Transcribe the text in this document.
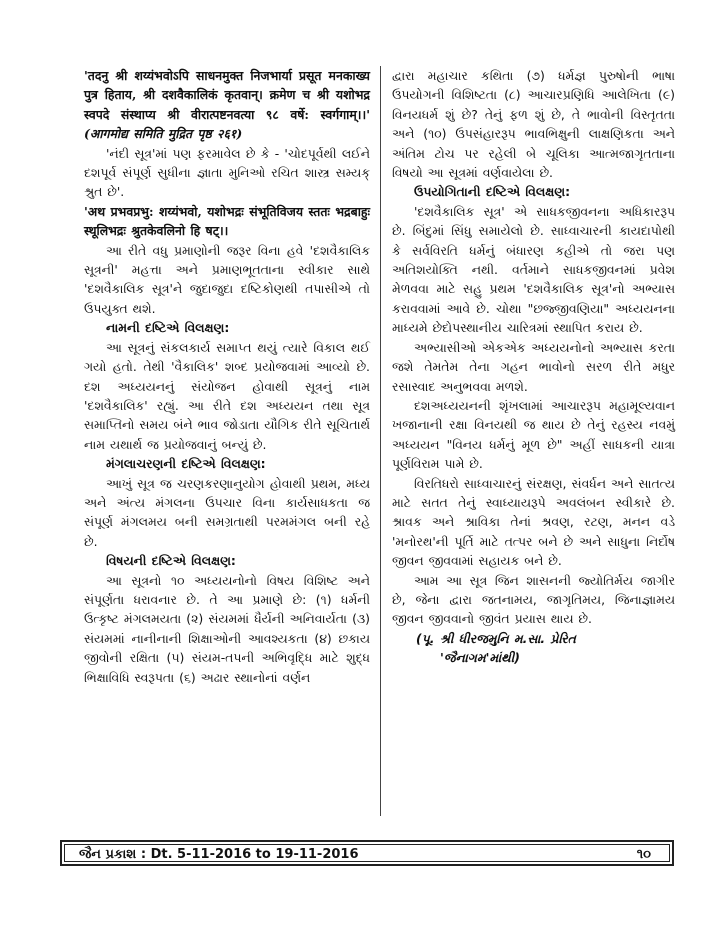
'तदनु श्री शय्यंभवोऽपि साधनमुक्त निजभार्या प्रसूत मनकाख्य पुत्र हिताय, श्री दशवैकालिकं कृतवान्। क्रमेण च श्री यशोभद्र स्वपदे संस्थाप्य श्री वीरात्पष्टनवत्या ९८ वर्षे: स्वर्गगाम्।।' (आगमोद्य समिति मुद्रित पृष्ठ २६१)

'નંદી સૂત્ર'માં પણ ફરમાવેલ છે કે - 'ચોદપૂર્વથી લઈને દશપૂર્વ સંપૂર્ણ સુધીના જ્ઞાતા મુનિઓ રચિત શાસ્ત્ર સમ્યક્ શ્રુત છે'.

'अथ प्रभवप्रभु: शय्यंभवो, यशोभद्रः संभूतिविजय स्ततः भद्रबाहुः स्थूलिभद्रः श्रुतकेवलिनो हि षट्।।

આ રીતે વધુ પ્રમાણોની જરૂર વિના હવે 'દશવૈકાલિક સૂત્રની' મહત્તા અને પ્રમાણભૂતતાના સ્વીકાર સાથે 'દશવૈકાલિક સૂત્ર'ને જુદાજુદા દષ્ટિકોણથી તપાસીએ તો ઉપયુક્ત થશે.

નામની દષ્ટિએ વિલક્ષણ:

આ સૂત્રનું સંકલકાર્ય સમાપ્ત થયું ત્યારે વિકાલ થઈ ગયો હતો. તેથી 'વૈકાલિક' શબ્દ પ્રયોજવામાં આવ્યો છે. દશ અધ્યયનનું સંયોજન હોવાથી સૂત્રનું નામ 'દશવૈકાલિક' રહ્યું. આ રીતે દશ અધ્યયન તથા સૂત્ર સમાપ્તિનો સમય બંને ભાવ જોડાતા યૌગિક રીતે સૂચિતાર્થ નામ યથાર્થ જ પ્રયોજવાનું બન્યું છે.

મંગલાચરણની દષ્ટિએ વિલક્ષણ:

આખું સૂત્ર જ ચરણકરણાનુયોગ હોવાથી પ્રથમ, મધ્ય અને અંત્ય મંગલના ઉપચાર વિના કાર્યસાધકતા જ સંપૂર્ણ મંગલમય બની સમગ્રતાથી પરમમંગલ બની રહે છે.

વિષયની દષ્ટિએ વિલક્ષણ:

આ સૂત્રનો ૧૦ અધ્યયનોનો વિષય વિશિષ્ટ અને સંપૂર્ણતા ધરાવનાર છે. તે આ પ્રમાણે છે: (૧) ધર્મની ઉત્કૃષ્ટ મંગલમયતા (૨) સંયમમાં ધૈર્યની અનિવાર્યતા (૩) સંયમમાં નાનીનાની શિક્ષાઓની આવશ્યકતા (૪) છકાય જીવોની રક્ષિતા (૫) સંયમ-તપની અભિવૃદ્ધિ માટે શુદ્ધ ભિક્ષાવિધિ સ્વરૂપતા (૬) અઢાર સ્થાનોનાં વર્ણન

દ્વારા મહાચાર કથિતા (૭) ધર્મજ્ઞ પુરુષોની ભાષા ઉપયોગની વિશિષ્ટતા (૮) આચારપ્રણિધિ આલેખિતા (૯) વિનયધર્મ શું છે? તેનું ફળ શું છે, તે ભાવોની વિસ્તૃતતા અને (૧૦) ઉપસંહારરૂપ ભાવભિક્ષુની લાક્ષણિકતા અને અંતિમ ટોચ પર રહેલી બે ચૂલિકા આત્મજાગૃતતાના વિષયો આ સૂત્રમાં વર્ણવાયેલા છે.

ઉપયોગિતાની દષ્ટિએ વિલક્ષણ:

'દશવૈકાલિક સૂત્ર' એ સાધકજીવનના અધિકારરૂપ છે. બિંદુમાં સિંધુ સમાયેલો છે. સાધ્વાચારની કાયદાપોથી કે સર્વવિરતિ ધર્મનું બંધારણ કહીએ તો જરા પણ અતિશયોક્તિ નથી. વર્તમાને સાધકજીવનમાં પ્રવેશ મેળવવા માટે સહુ પ્રથમ 'દશવૈકાલિક સૂત્ર'નો અભ્યાસ કરાવવામાં આવે છે. ચોથા "છજ્જીવણિયા" અધ્યયનના માધ્યમે છેદોપસ્થાનીય ચારિત્રમાં સ્થાપિત કરાય છે.

અભ્યાસીઓ એકએક અધ્યયનોનો અભ્યાસ કરતા જશે તેમતેમ તેના ગહન ભાવોનો સરળ રીતે મધુર રસાસ્વાદ અનુભવવા મળશે.

દશઅધ્યયનની શૃંખલામાં આચારરૂપ મહામૂલ્યવાન ખજાનાની રક્ષા વિનયથી જ થાય છે તેનું રહસ્ય નવમું અધ્યયન "વિનય ધર્મનું મૂળ છે" અહીં સાધકની યાત્રા પૂર્ણવિરામ પામે છે.

વિરતિધરો સાધ્વાચારનું સંરક્ષણ, સંવર્ધન અને સાતત્ય માટે સતત તેનું સ્વાધ્યાયરૂપે અવલંબન સ્વીકારે છે. શ્રાવક અને શ્રાવિકા તેનાં શ્રવણ, રટણ, મનન વડે 'મનોરથ'ની પૂર્તિ માટે તત્પર બને છે અને સાધુના નિર્દોષ જીવન જીવવામાં સહાયક બને છે.

આમ આ સૂત્ર જિન શાસનની જ્યોતિર્મય જાગીર છે, જેના દ્વારા જતનામય, જાગૃતિમય, જિનાજ્ઞામય જીવન જીવવાનો જીવંત પ્રયાસ થાય છે.

(પૂ. શ્રી ધીરજમુનિ મ.સા. પ્રેરિત

'જૈનાગમ'માંથી)

જૈન પ્રકાશ : Dt. 5-11-2016 to 19-11-2016	૧૦
